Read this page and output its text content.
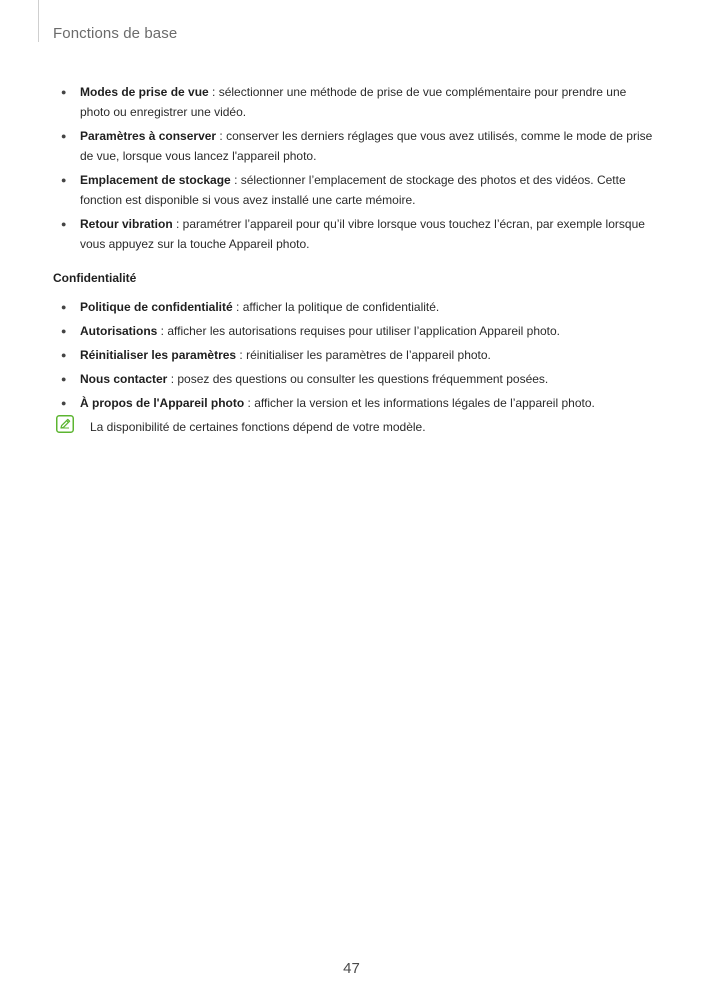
Fonctions de base
● Modes de prise de vue : sélectionner une méthode de prise de vue complémentaire pour prendre une photo ou enregistrer une vidéo.
● Paramètres à conserver : conserver les derniers réglages que vous avez utilisés, comme le mode de prise de vue, lorsque vous lancez l'appareil photo.
● Emplacement de stockage : sélectionner l’emplacement de stockage des photos et des vidéos. Cette fonction est disponible si vous avez installé une carte mémoire.
● Retour vibration : paramétrer l’appareil pour qu’il vibre lorsque vous touchez l’écran, par exemple lorsque vous appuyez sur la touche Appareil photo.
Confidentialité
● Politique de confidentialité : afficher la politique de confidentialité.
● Autorisations : afficher les autorisations requises pour utiliser l’application Appareil photo.
● Réinitialiser les paramètres : réinitialiser les paramètres de l’appareil photo.
● Nous contacter : posez des questions ou consulter les questions fréquemment posées.
● À propos de l'Appareil photo : afficher la version et les informations légales de l’appareil photo.
La disponibilité de certaines fonctions dépend de votre modèle.
47
